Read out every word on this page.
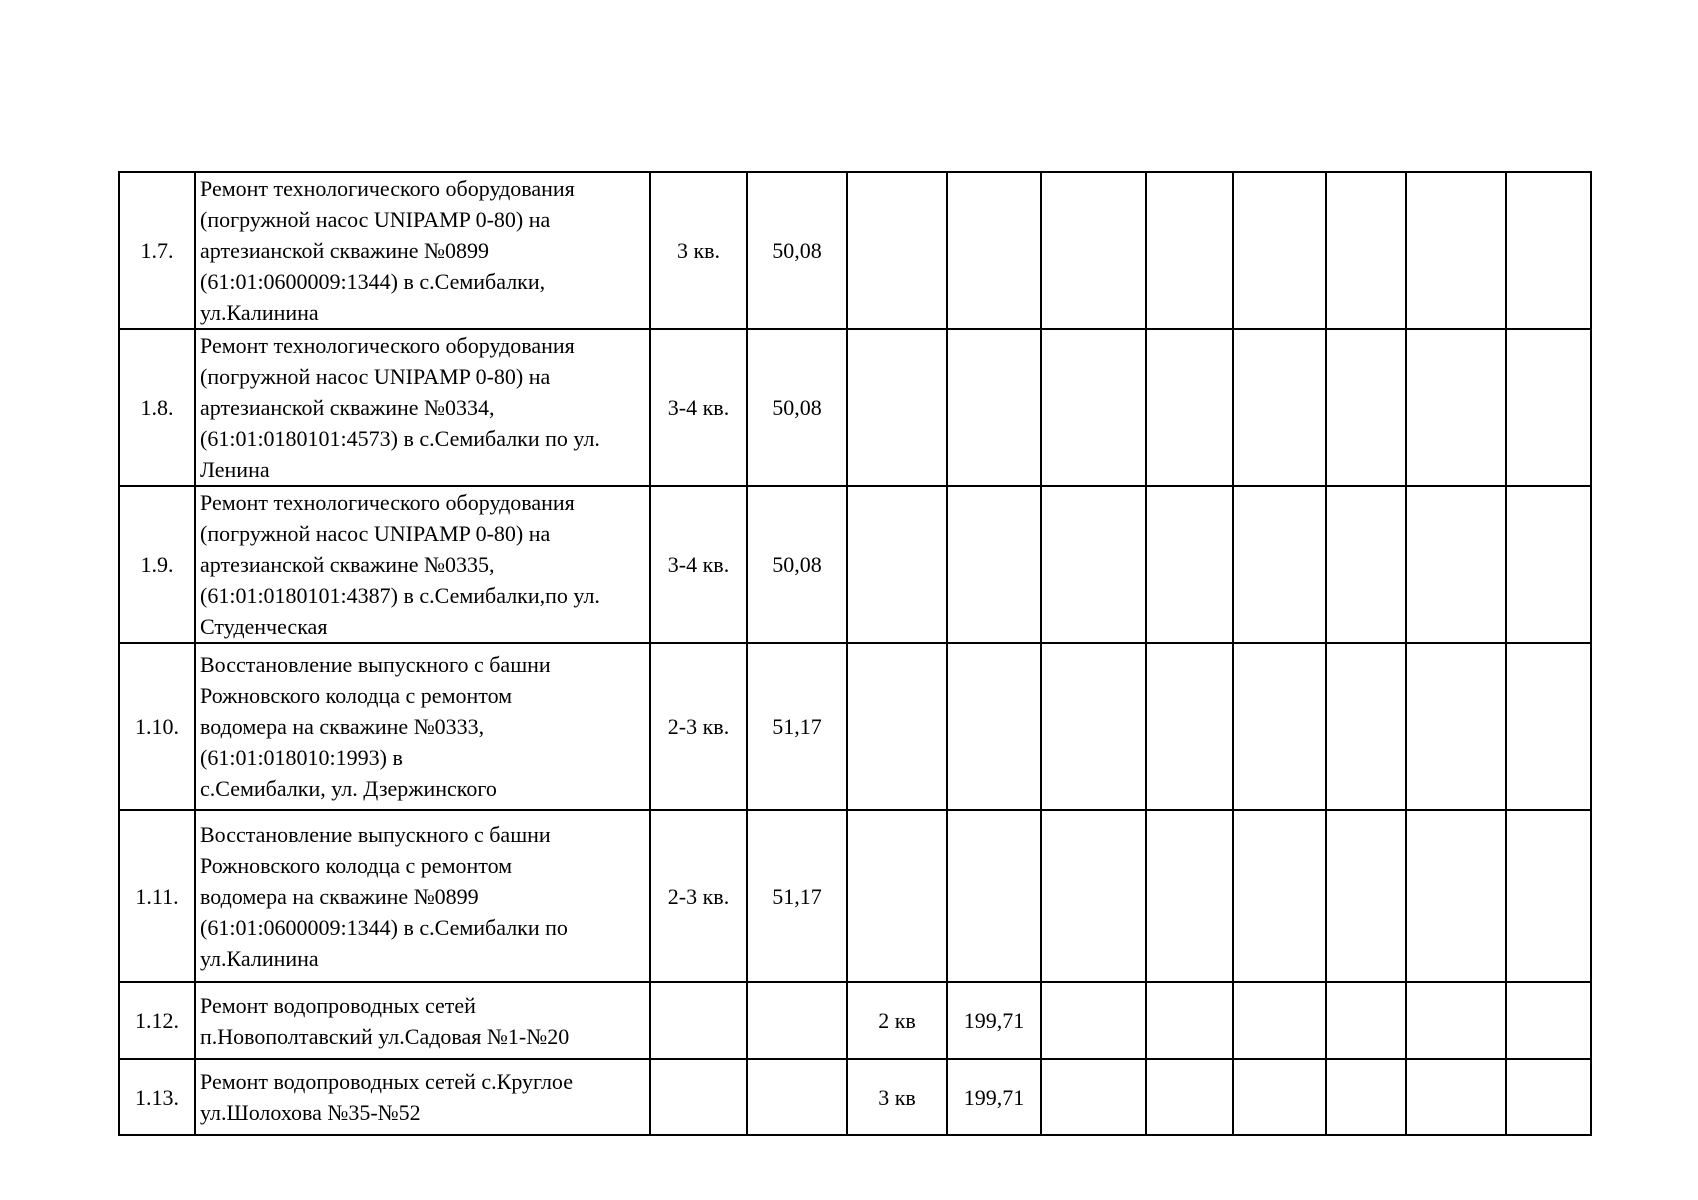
1.7.	Ремонт технологического оборудования
(погружной насос UNIPAMP 0-80) на
артезианской скважине №0899
(61:01:0600009:1344) в с.Семибалки,
ул.Калинина	3 кв.	50,08								
1.8.	Ремонт технологического оборудования
(погружной насос UNIPAMP 0-80) на
артезианской скважине №0334,
(61:01:0180101:4573) в с.Семибалки по ул.
Ленина	3-4 кв.	50,08								
1.9.	Ремонт технологического оборудования
(погружной насос UNIPAMP 0-80) на
артезианской скважине №0335,
(61:01:0180101:4387) в с.Семибалки,по ул.
Студенческая	3-4 кв.	50,08								
1.10.	Восстановление выпускного с башни
Рожновского колодца с ремонтом
водомера на скважине №0333,
(61:01:018010:1993) в
с.Семибалки, ул. Дзержинского	2-3 кв.	51,17								
1.11.	Восстановление выпускного с башни
Рожновского колодца с ремонтом
водомера на скважине №0899
(61:01:0600009:1344) в с.Семибалки по
ул.Калинина	2-3 кв.	51,17								
1.12.	Ремонт водопроводных сетей
п.Новополтавский ул.Садовая №1-№20			2 кв	199,71						
1.13.	Ремонт водопроводных сетей с.Круглое
ул.Шолохова №35-№52			3 кв	199,71						
